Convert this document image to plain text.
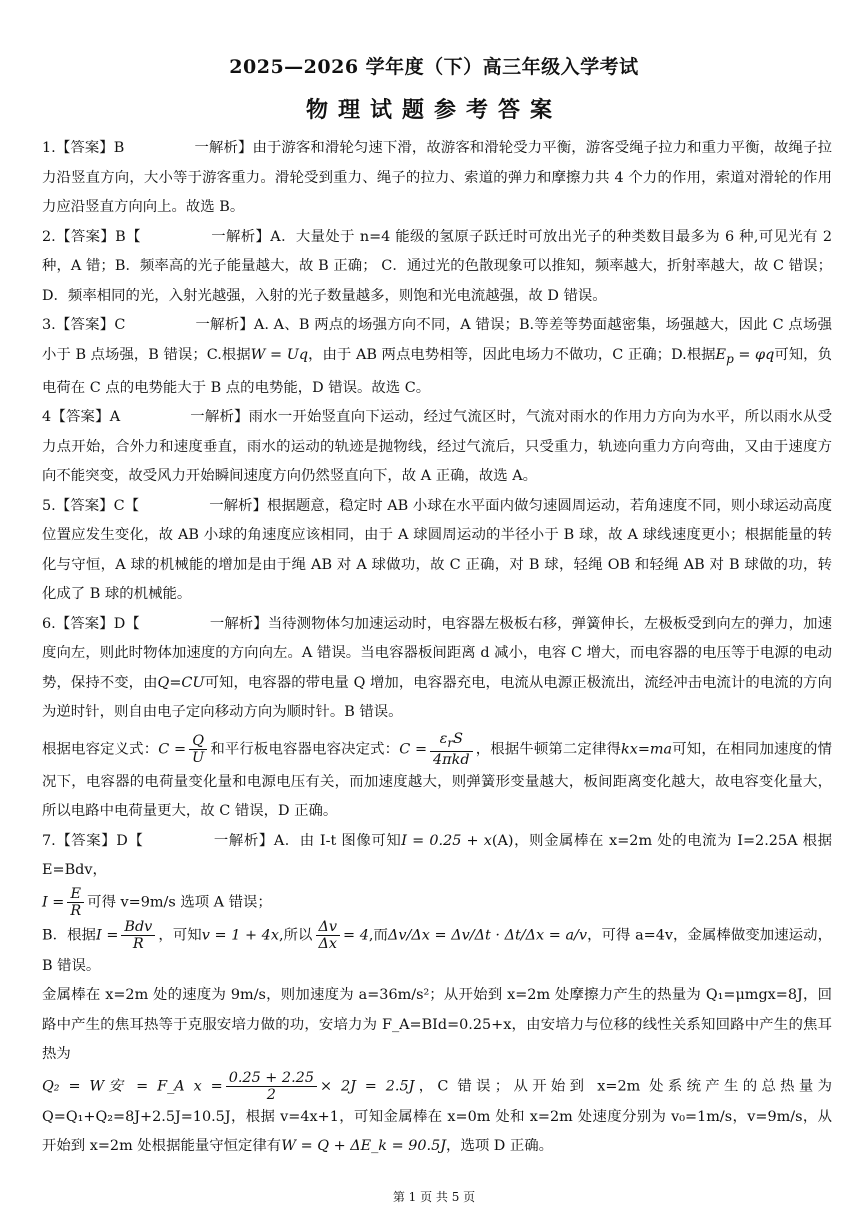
2025—2026 学年度（下）高三年级入学考试
物理试题参考答案

1.【答案】B	一解析】由于游客和滑轮匀速下滑，故游客和滑轮受力平衡，游客受绳子拉力和重力平衡，故绳子拉力沿竖直方向，大小等于游客重力。滑轮受到重力、绳子的拉力、索道的弹力和摩擦力共 4 个力的作用，索道对滑轮的作用力应沿竖直方向向上。故选 B。

2.【答案】B【	一解析】A．大量处于 n=4 能级的氢原子跃迁时可放出光子的种类数目最多为 6 种,可见光有 2 种，A 错；B．频率高的光子能量越大，故 B 正确； C．通过光的色散现象可以推知，频率越大，折射率越大，故 C 错误；D．频率相同的光，入射光越强，入射的光子数量越多，则饱和光电流越强，故 D 错误。

3.【答案】C	一解析】A. A、B 两点的场强方向不同，A 错误；B.等差等势面越密集，场强越大，因此 C 点场强小于 B 点场强，B 错误；C.根据W = Uq，由于 AB 两点电势相等，因此电场力不做功，C 正确；D.根据$E_p = \varphi q$可知，负电荷在 C 点的电势能大于 B 点的电势能，D 错误。故选 C。

4【答案】A	一解析】雨水一开始竖直向下运动，经过气流区时，气流对雨水的作用力方向为水平，所以雨水从受力点开始，合外力和速度垂直，雨水的运动的轨迹是抛物线，经过气流后，只受重力，轨迹向重力方向弯曲，又由于速度方向不能突变，故受风力开始瞬间速度方向仍然竖直向下，故 A 正确，故选 A。

5.【答案】C【	一解析】根据题意，稳定时 AB 小球在水平面内做匀速圆周运动，若角速度不同，则小球运动高度位置应发生变化，故 AB 小球的角速度应该相同，由于 A 球圆周运动的半径小于 B 球，故 A 球线速度更小；根据能量的转化与守恒，A 球的机械能的增加是由于绳 AB 对 A 球做功，故 C 正确，对 B 球，轻绳 OB 和轻绳 AB 对 B 球做的功，转化成了 B 球的机械能。

6.【答案】D【	一解析】当待测物体匀加速运动时，电容器左极板右移，弹簧伸长，左极板受到向左的弹力，加速度向左，则此时物体加速度的方向向左。A 错误。当电容器板间距离 d 减小，电容 C 增大，而电容器的电压等于电源的电动势，保持不变，由Q=CU可知，电容器的带电量 Q 增加，电容器充电，电流从电源正极流出，流经冲击电流计的电流的方向为逆时针，则自由电子定向移动方向为顺时针。B 错误。

根据电容定义式：$C = \frac{Q}{U}$ 和平行板电容器电容决定式：$C = \frac{\varepsilon_rS}{\text{4πkd}}$ ，根据牛顿第二定律得kx=ma可知，在相同加速度的情况下，电容器的电荷量变化量和电源电压有关，而加速度越大，则弹簧形变量越大，板间距离变化越大，故电容变化量大，所以电路中电荷量更大，故 C 错误，D 正确。

7.【答案】D【	一解析】A．由 I-t 图像可知I = 0.25 + x(A)，则金属棒在 x=2m 处的电流为 I=2.25A 根据 E=Bdv，

$I = \frac{E}{R}$ 可得 v=9m/s 选项 A 错误；

B．根据$I = \frac{\text{Bdv}}{R}$ ，可知v = 1 + 4x,所以 $\frac{\Delta v}{\Delta x} = 4$,而Δv/Δx = Δv/Δt · Δt/Δx = a/v，可得 a=4v，金属棒做变加速运动，B 错误。

金属棒在 x=2m 处的速度为 9m/s，则加速度为 a=36m/s²；从开始到 x=2m 处摩擦力产生的热量为 Q₁=μmgx=8J，回路中产生的焦耳热等于克服安培力做的功，安培力为 F_A=BId=0.25+x，由安培力与位移的线性关系知回路中产生的焦耳热为

Q₂ = W安 = F_A $x = \frac{0.25 + 2.25}{2} \times 2J = 2.5J$，C 错误；从开始到 x=2m 处系统产生的总热量为 Q=Q₁+Q₂=8J+2.5J=10.5J，根据 v=4x+1，可知金属棒在 x=0m 处和 x=2m 处速度分别为 v₀=1m/s，v=9m/s，从开始到 x=2m 处根据能量守恒定律有W = Q + ΔE_k = 90.5J，选项 D 正确。

第 1 页 共 5 页
